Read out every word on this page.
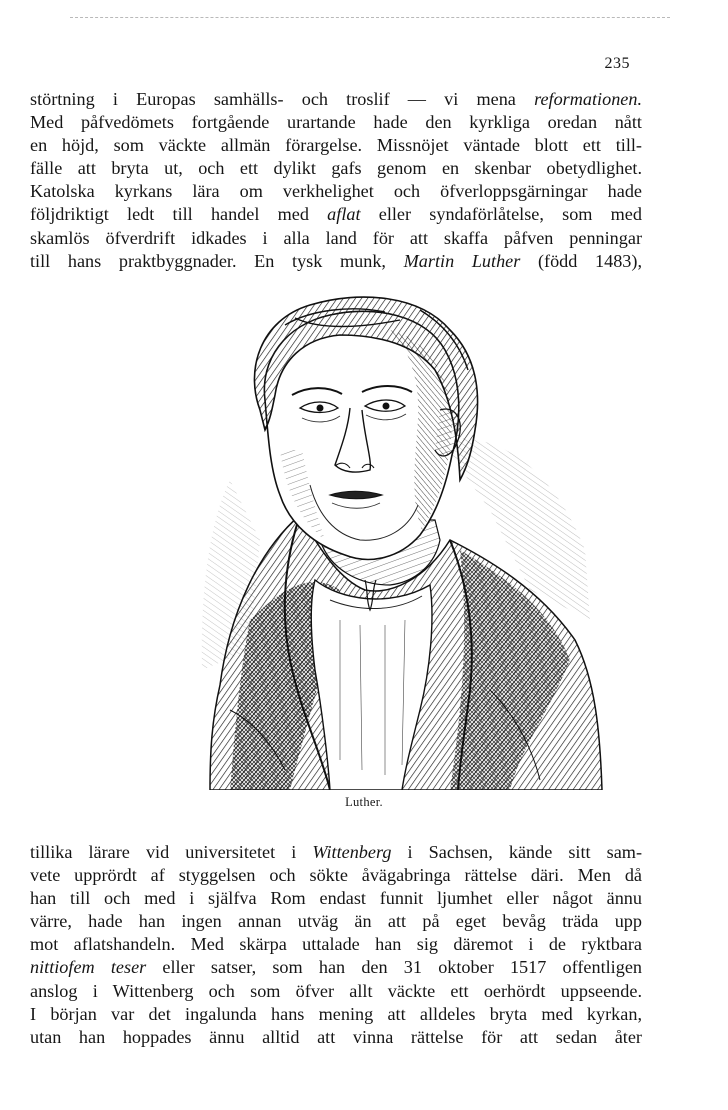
235
störtning i Europas samhälls- och troslif — vi mena reformationen.
Med påfvedömets fortgående urartande hade den kyrkliga oredan nått
en höjd, som väckte allmän förargelse. Missnöjet väntade blott ett till-
fälle att bryta ut, och ett dylikt gafs genom en skenbar obetydlighet.
Katolska kyrkans lära om verkhelighet och öfverloppsgärningar hade
följdriktigt ledt till handel med aflat eller syndaförlåtelse, som med
skamlös öfverdrift idkades i alla land för att skaffa påfven penningar
till hans praktbyggnader. En tysk munk, Martin Luther (född 1483),
Luther.
tillika lärare vid universitetet i Wittenberg i Sachsen, kände sitt sam-
vete upprördt af styggelsen och sökte åvägabringa rättelse däri. Men då
han till och med i själfva Rom endast funnit ljumhet eller något ännu
värre, hade han ingen annan utväg än att på eget bevåg träda upp
mot aflatshandeln. Med skärpa uttalade han sig däremot i de ryktbara
nittiofem teser eller satser, som han den 31 oktober 1517 offentligen
anslog i Wittenberg och som öfver allt väckte ett oerhördt uppseende.
I början var det ingalunda hans mening att alldeles bryta med kyrkan,
utan han hoppades ännu alltid att vinna rättelse för att sedan åter
